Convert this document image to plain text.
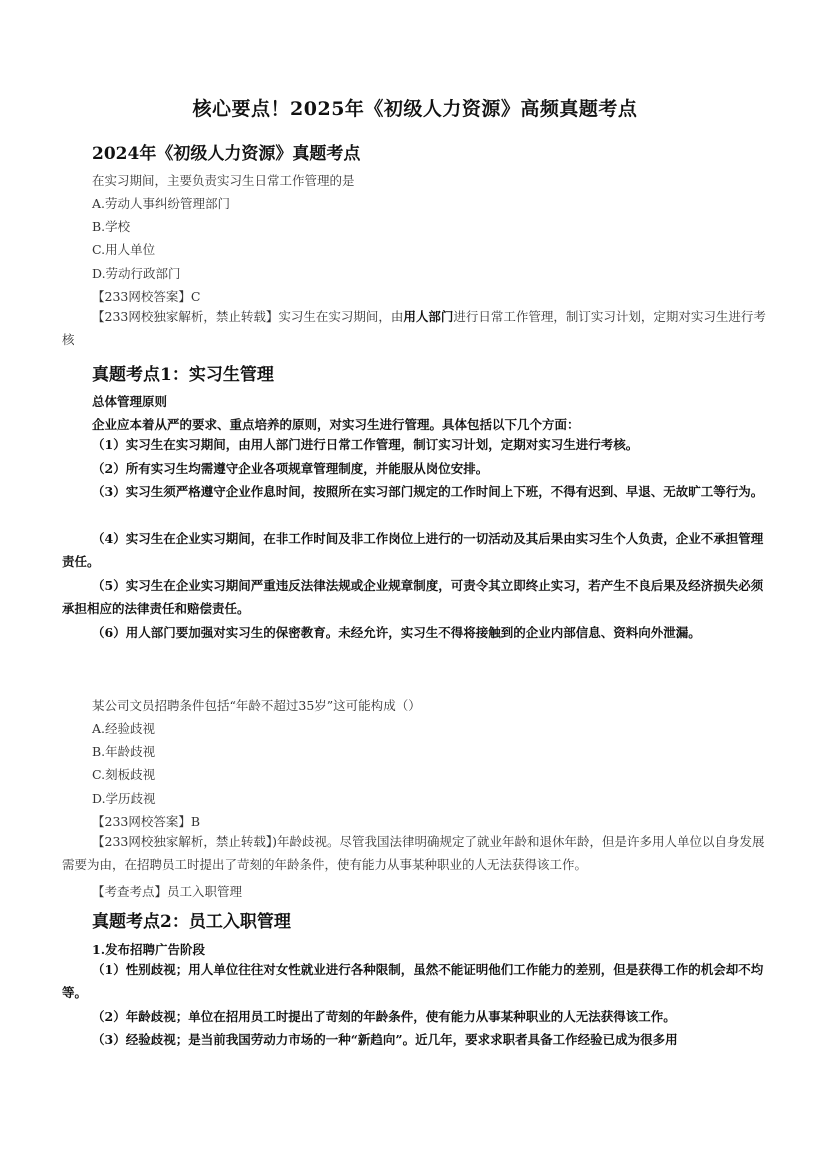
核心要点！2025年《初级人力资源》高频真题考点
2024年《初级人力资源》真题考点
在实习期间，主要负责实习生日常工作管理的是
A.劳动人事纠纷管理部门
B.学校
C.用人单位
D.劳动行政部门
【233网校答案】C
【233网校独家解析，禁止转载】实习生在实习期间，由用人部门进行日常工作管理，制订实习计划，定期对实习生进行考核
真题考点1：实习生管理
总体管理原则
企业应本着从严的要求、重点培养的原则，对实习生进行管理。具体包括以下几个方面：
（1）实习生在实习期间，由用人部门进行日常工作管理，制订实习计划，定期对实习生进行考核。
（2）所有实习生均需遵守企业各项规章管理制度，并能服从岗位安排。
（3）实习生须严格遵守企业作息时间，按照所在实习部门规定的工作时间上下班，不得有迟到、早退、无故旷工等行为。
（4）实习生在企业实习期间，在非工作时间及非工作岗位上进行的一切活动及其后果由实习生个人负责，企业不承担管理责任。
（5）实习生在企业实习期间严重违反法律法规或企业规章制度，可责令其立即终止实习，若产生不良后果及经济损失必须承担相应的法律责任和赔偿责任。
（6）用人部门要加强对实习生的保密教育。未经允许，实习生不得将接触到的企业内部信息、资料向外泄漏。
某公司文员招聘条件包括“年龄不超过35岁”这可能构成（）
A.经验歧视
B.年龄歧视
C.刻板歧视
D.学历歧视
【233网校答案】B
【233网校独家解析，禁止转载】)年龄歧视。尽管我国法律明确规定了就业年龄和退休年龄，但是许多用人单位以自身发展需要为由，在招聘员工时提出了苛刻的年龄条件，使有能力从事某种职业的人无法获得该工作。
【考查考点】员工入职管理
真题考点2：员工入职管理
1.发布招聘广告阶段
（1）性别歧视；用人单位往往对女性就业进行各种限制，虽然不能证明他们工作能力的差别，但是获得工作的机会却不均等。
（2）年龄歧视；单位在招用员工时提出了苛刻的年龄条件，使有能力从事某种职业的人无法获得该工作。
（3）经验歧视；是当前我国劳动力市场的一种“新趋向”。近几年，要求求职者具备工作经验已成为很多用
